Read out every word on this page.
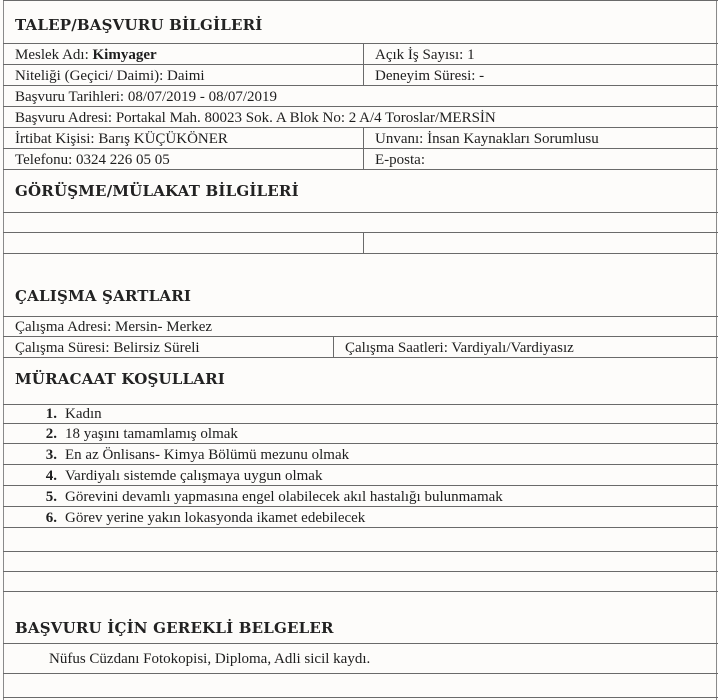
TALEP/BAŞVURU BİLGİLERİ
Meslek Adı: Kimyager	Açık İş Sayısı: 1
Niteliği (Geçici/ Daimi): Daimi	Deneyim Süresi: -
Başvuru Tarihleri: 08/07/2019 - 08/07/2019
Başvuru Adresi: Portakal Mah. 80023 Sok. A Blok No: 2 A/4 Toroslar/MERSİN
İrtibat Kişisi: Barış KÜÇÜKÖNER	Unvanı: İnsan Kaynakları Sorumlusu
Telefonu: 0324 226 05 05	E-posta:
GÖRÜŞME/MÜLAKAT BİLGİLERİ
ÇALIŞMA ŞARTLARI
Çalışma Adresi: Mersin- Merkez
Çalışma Süresi: Belirsiz Süreli	Çalışma Saatleri: Vardiyalı/Vardiyasız
MÜRACAAT KOŞULLARI
1. Kadın
2. 18 yaşını tamamlamış olmak
3. En az Önlisans- Kimya Bölümü mezunu olmak
4. Vardiyalı sistemde çalışmaya uygun olmak
5. Görevini devamlı yapmasına engel olabilecek akıl hastalığı bulunmamak
6. Görev yerine yakın lokasyonda ikamet edebilecek
BAŞVURU İÇİN GEREKLİ BELGELER
Nüfus Cüzdanı Fotokopisi, Diploma, Adli sicil kaydı.
